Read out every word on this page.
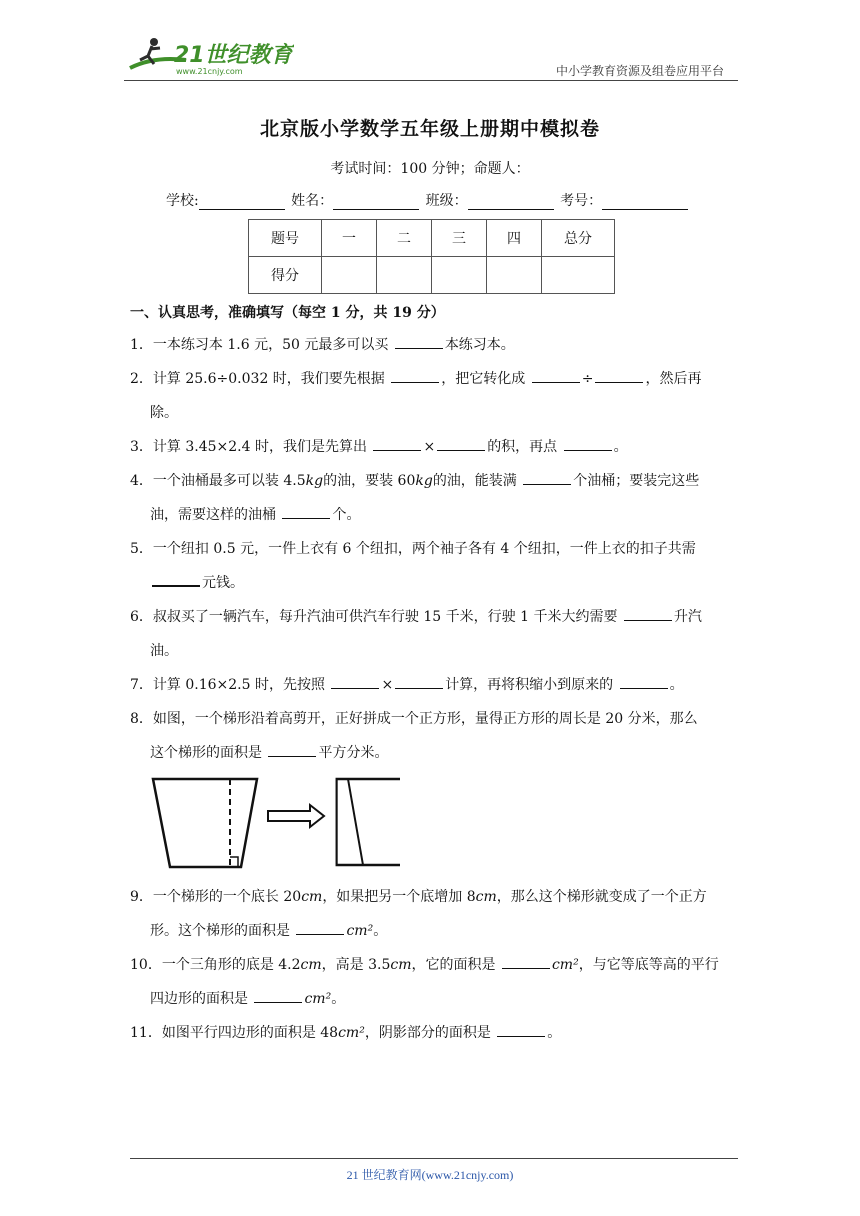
21世纪教育
www.21cnjy.com	中小学教育资源及组卷应用平台
北京版小学数学五年级上册期中模拟卷
考试时间：100 分钟；命题人：
学校:	姓名：	班级：	考号：
题号	一	二	三	四	总分
得分					
一、认真思考，准确填写（每空 1 分，共 19 分）
1．一本练习本 1.6 元，50 元最多可以买	本练习本。
2．计算 25.6÷0.032 时，我们要先根据	，把它转化成	÷	，然后再
除。
3．计算 3.45×2.4 时，我们是先算出	×	的积，再点	。
4．一个油桶最多可以装 4.5kg的油，要装 60kg的油，能装满	个油桶；要装完这些
油，需要这样的油桶	个。
5．一个纽扣 0.5 元，一件上衣有 6 个纽扣，两个袖子各有 4 个纽扣，一件上衣的扣子共需
元钱。
6．叔叔买了一辆汽车，每升汽油可供汽车行驶 15 千米，行驶 1 千米大约需要	升汽
油。
7．计算 0.16×2.5 时，先按照	×	计算，再将积缩小到原来的	。
8．如图，一个梯形沿着高剪开，正好拼成一个正方形，量得正方形的周长是 20 分米，那么
这个梯形的面积是	平方分米。
9．一个梯形的一个底长 20cm，如果把另一个底增加 8cm，那么这个梯形就变成了一个正方
形。这个梯形的面积是	cm²。
10．一个三角形的底是 4.2cm，高是 3.5cm，它的面积是	cm²，与它等底等高的平行
四边形的面积是	cm²。
11．如图平行四边形的面积是 48cm²，阴影部分的面积是	。
21 世纪教育网(www.21cnjy.com)
